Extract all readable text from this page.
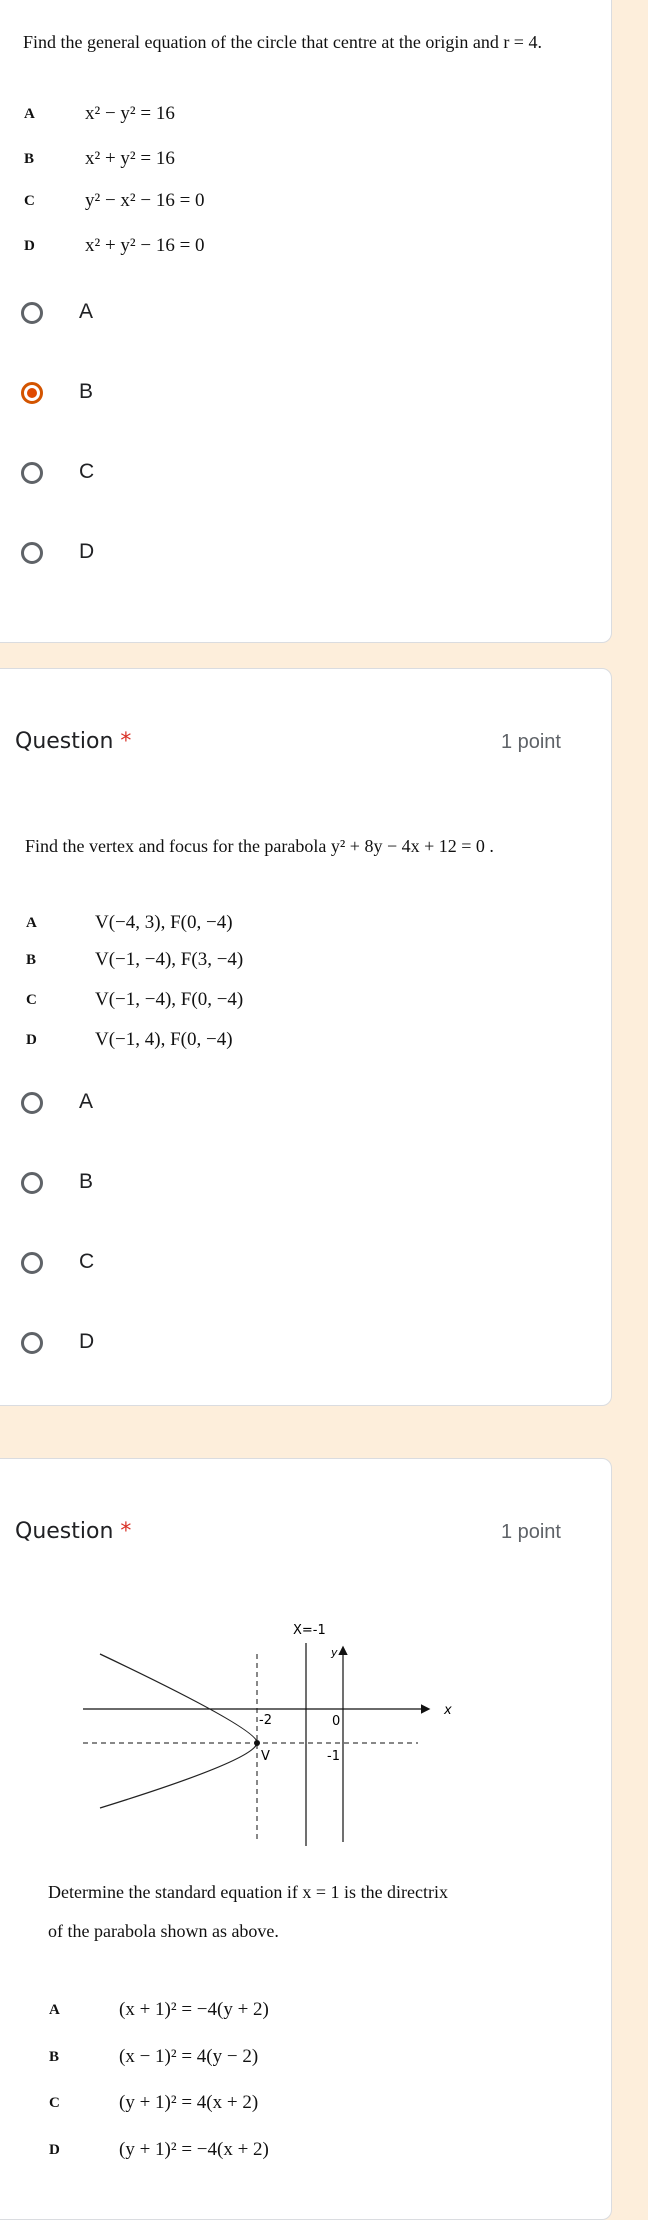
Find the general equation of the circle that centre at the origin and r = 4.
A	x² − y² = 16
B	x² + y² = 16
C	y² − x² − 16 = 0
D	x² + y² − 16 = 0
A
B
C
D
Question *	1 point
Find the vertex and focus for the parabola y² + 8y − 4x + 12 = 0 .
A	V(−4, 3), F(0, −4)
B	V(−1, −4), F(3, −4)
C	V(−1, −4), F(0, −4)
D	V(−1, 4), F(0, −4)
A
B
C
D
Question *	1 point
X=-1
y
x
-2	0
-1
V
Determine the standard equation if x = 1 is the directrix
of the parabola shown as above.
A	(x + 1)² = −4(y + 2)
B	(x − 1)² = 4(y − 2)
C	(y + 1)² = 4(x + 2)
D	(y + 1)² = −4(x + 2)
